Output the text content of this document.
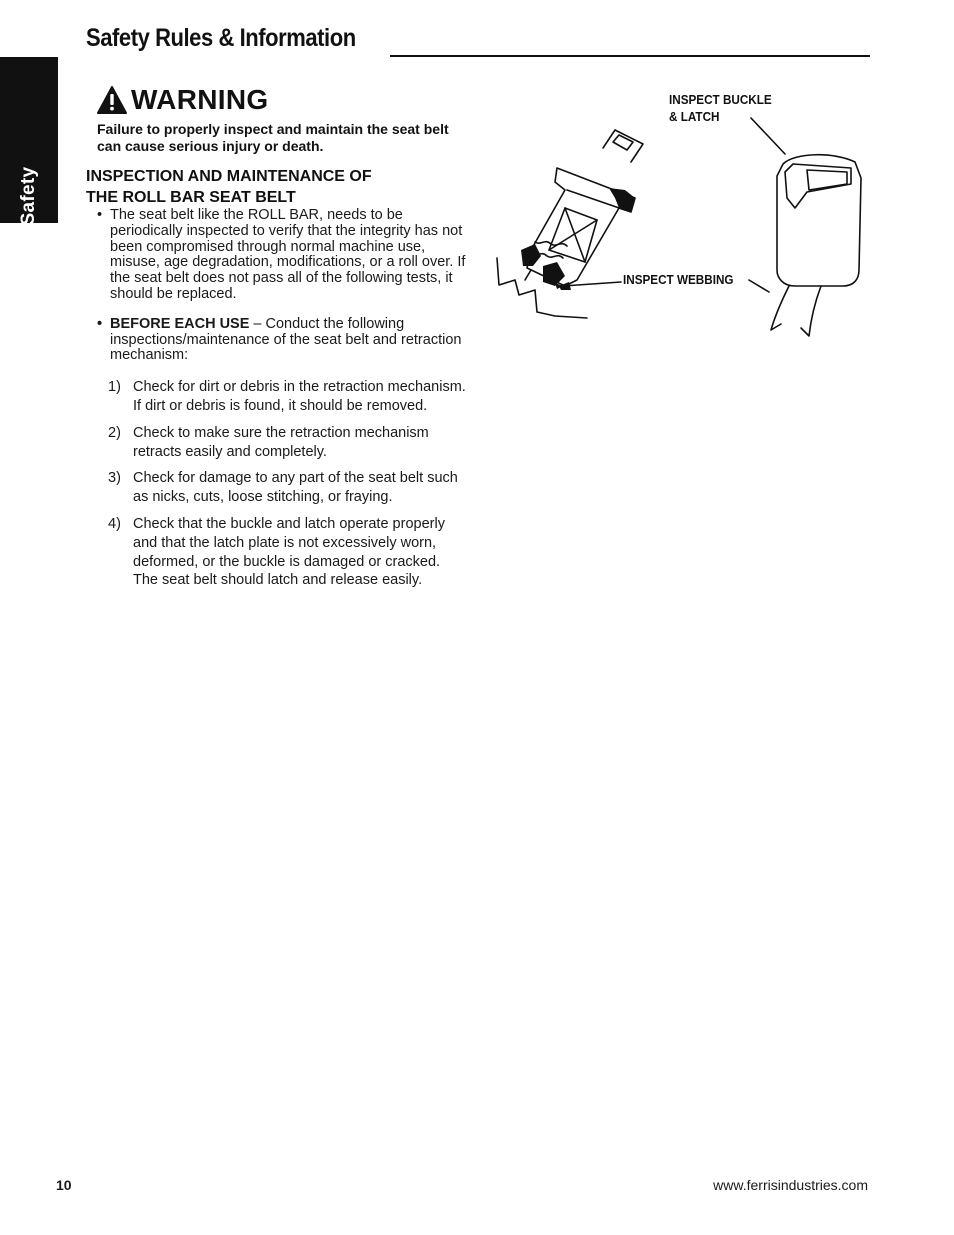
Safety Rules & Information
Safety
WARNING
Failure to properly inspect and maintain the seat belt can cause serious injury or death.
INSPECTION AND MAINTENANCE OF
THE ROLL BAR SEAT BELT

• The seat belt like the ROLL BAR, needs to be periodically inspected to verify that the integrity has not been compromised through normal machine use, misuse, age degradation, modifications, or a roll over. If the seat belt does not pass all of the following tests, it should be replaced.

• BEFORE EACH USE – Conduct the following inspections/maintenance of the seat belt and retraction mechanism:

1) Check for dirt or debris in the retraction mechanism. If dirt or debris is found, it should be removed.
2) Check to make sure the retraction mechanism retracts easily and completely.
3) Check for damage to any part of the seat belt such as nicks, cuts, loose stitching, or fraying.
4) Check that the buckle and latch operate properly and that the latch plate is not excessively worn, deformed, or the buckle is damaged or cracked. The seat belt should latch and release easily.
INSPECT BUCKLE
& LATCH
INSPECT WEBBING
10	www.ferrisindustries.com
